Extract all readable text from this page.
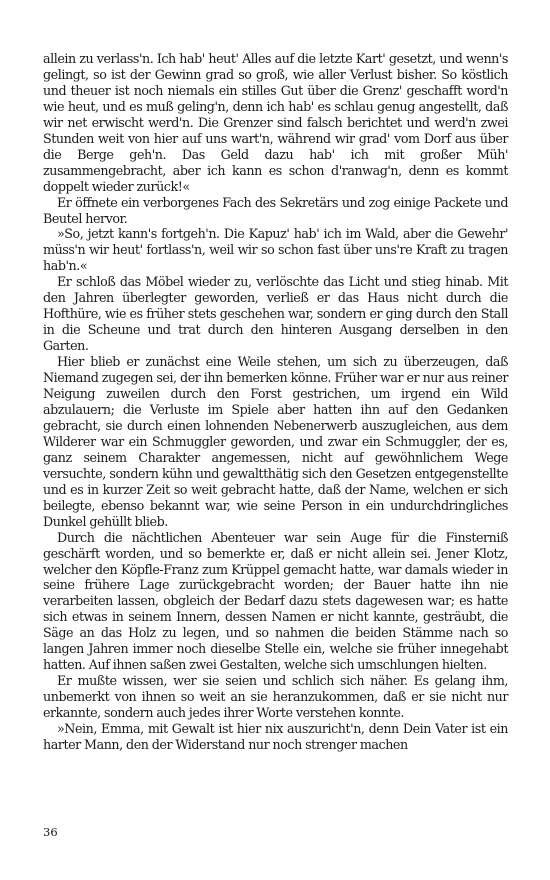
allein zu verlass'n. Ich hab' heut' Alles auf die letzte Kart' gesetzt, und wenn's gelingt, so ist der Gewinn grad so groß, wie aller Verlust bisher. So köstlich und theuer ist noch niemals ein stilles Gut über die Grenz' geschafft word'n wie heut, und es muß geling'n, denn ich hab' es schlau genug angestellt, daß wir net erwischt werd'n. Die Grenzer sind falsch berichtet und werd'n zwei Stunden weit von hier auf uns wart'n, während wir grad' vom Dorf aus über die Berge geh'n. Das Geld dazu hab' ich mit großer Müh' zusammengebracht, aber ich kann es schon d'ranwag'n, denn es kommt doppelt wieder zurück!«

Er öffnete ein verborgenes Fach des Sekretärs und zog einige Packete und Beutel hervor.

»So, jetzt kann's fortgeh'n. Die Kapuz' hab' ich im Wald, aber die Gewehr' müss'n wir heut' fortlass'n, weil wir so schon fast über uns're Kraft zu tragen hab'n.«

Er schloß das Möbel wieder zu, verlöschte das Licht und stieg hinab. Mit den Jahren überlegter geworden, verließ er das Haus nicht durch die Hofthüre, wie es früher stets geschehen war, sondern er ging durch den Stall in die Scheune und trat durch den hinteren Ausgang derselben in den Garten.

Hier blieb er zunächst eine Weile stehen, um sich zu überzeugen, daß Niemand zugegen sei, der ihn bemerken könne. Früher war er nur aus reiner Neigung zuweilen durch den Forst gestrichen, um irgend ein Wild abzulauern; die Verluste im Spiele aber hatten ihn auf den Gedanken gebracht, sie durch einen lohnenden Nebenerwerb auszugleichen, aus dem Wilderer war ein Schmuggler geworden, und zwar ein Schmuggler, der es, ganz seinem Charakter angemessen, nicht auf gewöhnlichem Wege versuchte, sondern kühn und gewaltthätig sich den Gesetzen entgegenstellte und es in kurzer Zeit so weit gebracht hatte, daß der Name, welchen er sich beilegte, ebenso bekannt war, wie seine Person in ein undurchdringliches Dunkel gehüllt blieb.

Durch die nächtlichen Abenteuer war sein Auge für die Finsterniß geschärft worden, und so bemerkte er, daß er nicht allein sei. Jener Klotz, welcher den Köpfle-Franz zum Krüppel gemacht hatte, war damals wieder in seine frühere Lage zurückgebracht worden; der Bauer hatte ihn nie verarbeiten lassen, obgleich der Bedarf dazu stets dagewesen war; es hatte sich etwas in seinem Innern, dessen Namen er nicht kannte, gesträubt, die Säge an das Holz zu legen, und so nahmen die beiden Stämme nach so langen Jahren immer noch dieselbe Stelle ein, welche sie früher innegehabt hatten. Auf ihnen saßen zwei Gestalten, welche sich umschlungen hielten.

Er mußte wissen, wer sie seien und schlich sich näher. Es gelang ihm, unbemerkt von ihnen so weit an sie heranzukommen, daß er sie nicht nur erkannte, sondern auch jedes ihrer Worte verstehen konnte.

»Nein, Emma, mit Gewalt ist hier nix auszuricht'n, denn Dein Vater ist ein harter Mann, den der Widerstand nur noch strenger machen

36
